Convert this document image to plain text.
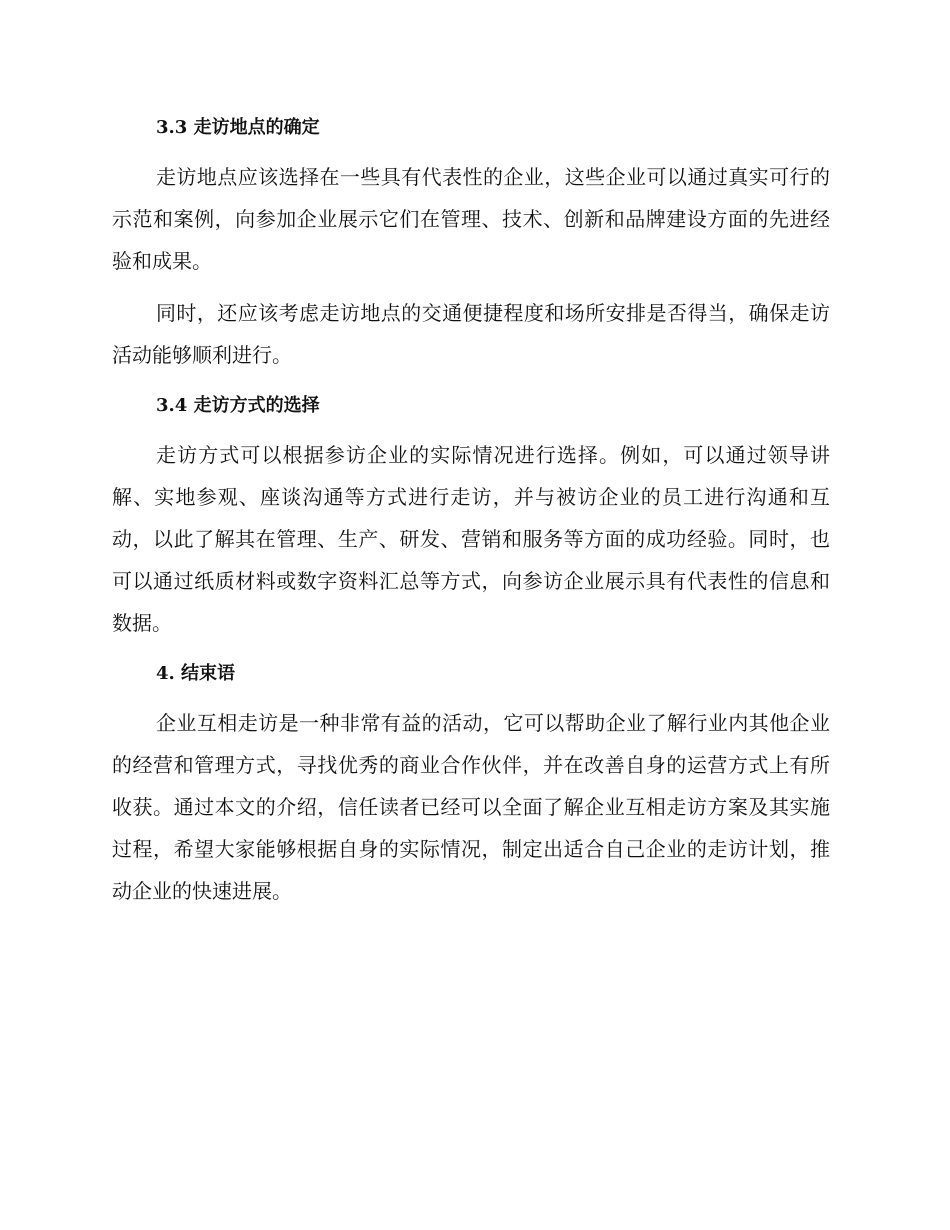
3.3 走访地点的确定

走访地点应该选择在一些具有代表性的企业，这些企业可以通过真实可行的示范和案例，向参加企业展示它们在管理、技术、创新和品牌建设方面的先进经验和成果。

同时，还应该考虑走访地点的交通便捷程度和场所安排是否得当，确保走访活动能够顺利进行。

3.4 走访方式的选择

走访方式可以根据参访企业的实际情况进行选择。例如，可以通过领导讲解、实地参观、座谈沟通等方式进行走访，并与被访企业的员工进行沟通和互动，以此了解其在管理、生产、研发、营销和服务等方面的成功经验。同时，也可以通过纸质材料或数字资料汇总等方式，向参访企业展示具有代表性的信息和数据。

4. 结束语

企业互相走访是一种非常有益的活动，它可以帮助企业了解行业内其他企业的经营和管理方式，寻找优秀的商业合作伙伴，并在改善自身的运营方式上有所收获。通过本文的介绍，信任读者已经可以全面了解企业互相走访方案及其实施过程，希望大家能够根据自身的实际情况，制定出适合自己企业的走访计划，推动企业的快速进展。
